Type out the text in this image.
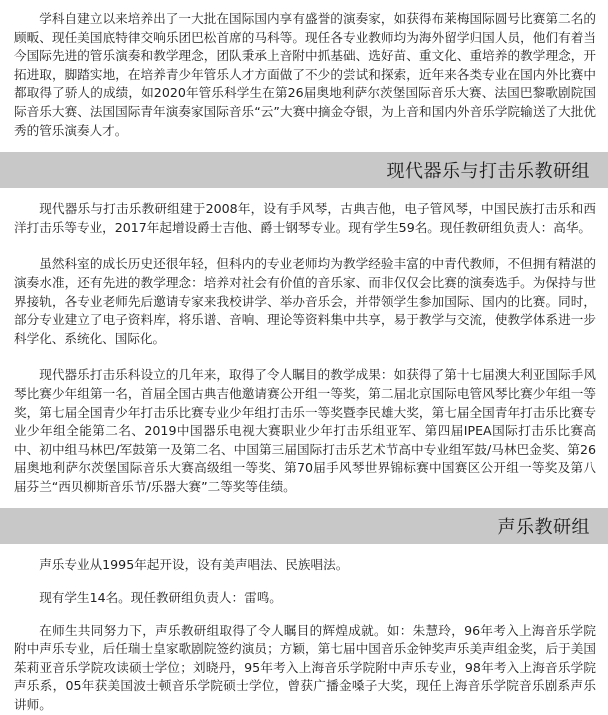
学科自建立以来培养出了一大批在国际国内享有盛誉的演奏家，如获得布莱梅国际圆号比赛第二名的顾畈、现任美国底特律交响乐团巴松首席的马科等。现任各专业教师均为海外留学归国人员，他们有着当今国际先进的管乐演奏和教学理念，团队秉承上音附中抓基础、选好苗、重文化、重培养的教学理念，开拓进取，脚踏实地，在培养青少年管乐人才方面做了不少的尝试和探索，近年来各类专业在国内外比赛中都取得了骄人的成绩，如2020年管乐科学生在第26届奥地利萨尔茨堡国际音乐大赛、法国巴黎歌剧院国际音乐大赛、法国国际青年演奏家国际音乐“云”大赛中摘金夺银，为上音和国内外音乐学院输送了大批优秀的管乐演奏人才。

现代器乐与打击乐教研组

现代器乐与打击乐教研组建于2008年，设有手风琴，古典吉他，电子管风琴，中国民族打击乐和西洋打击乐等专业，2017年起增设爵士吉他、爵士钢琴专业。现有学生59名。现任教研组负责人：高华。

虽然科室的成长历史还很年轻，但科内的专业老师均为教学经验丰富的中青代教师，不但拥有精湛的演奏水准，还有先进的教学理念：培养对社会有价值的音乐家、而非仅仅会比赛的演奏选手。为保持与世界接轨，各专业老师先后邀请专家来我校讲学、举办音乐会，并带领学生参加国际、国内的比赛。同时，部分专业建立了电子资料库，将乐谱、音响、理论等资料集中共享，易于教学与交流，使教学体系进一步科学化、系统化、国际化。

现代器乐打击乐科设立的几年来，取得了令人瞩目的教学成果：如获得了第十七届澳大利亚国际手风琴比赛少年组第一名，首届全国古典吉他邀请赛公开组一等奖，第二届北京国际电管风琴比赛少年组一等奖，第七届全国青少年打击乐比赛专业少年组打击乐一等奖暨李民雄大奖，第七届全国青年打击乐比赛专业少年组全能第二名、2019中国器乐电视大赛职业少年打击乐组亚军、第四届IPEA国际打击乐比赛高中、初中组马林巴/军鼓第一及第二名、中国第三届国际打击乐艺术节高中专业组军鼓/马林巴金奖、第26届奥地利萨尔茨堡国际音乐大赛高级组一等奖、第70届手风琴世界锦标赛中国赛区公开组一等奖及第八届芬兰“西贝柳斯音乐节/乐器大赛”二等奖等佳绩。

声乐教研组

声乐专业从1995年起开设，设有美声唱法、民族唱法。

现有学生14名。现任教研组负责人：雷鸣。

在师生共同努力下，声乐教研组取得了令人瞩目的辉煌成就。如：朱慧玲，96年考入上海音乐学院附中声乐专业，后任瑞士皇家歌剧院签约演员；方颖，第七届中国音乐金钟奖声乐美声组金奖，后于美国茱莉亚音乐学院攻读硕士学位；刘晓丹，95年考入上海音乐学院附中声乐专业，98年考入上海音乐学院声乐系，05年获美国波士顿音乐学院硕士学位，曾获广播金嗓子大奖，现任上海音乐学院音乐剧系声乐讲师。
